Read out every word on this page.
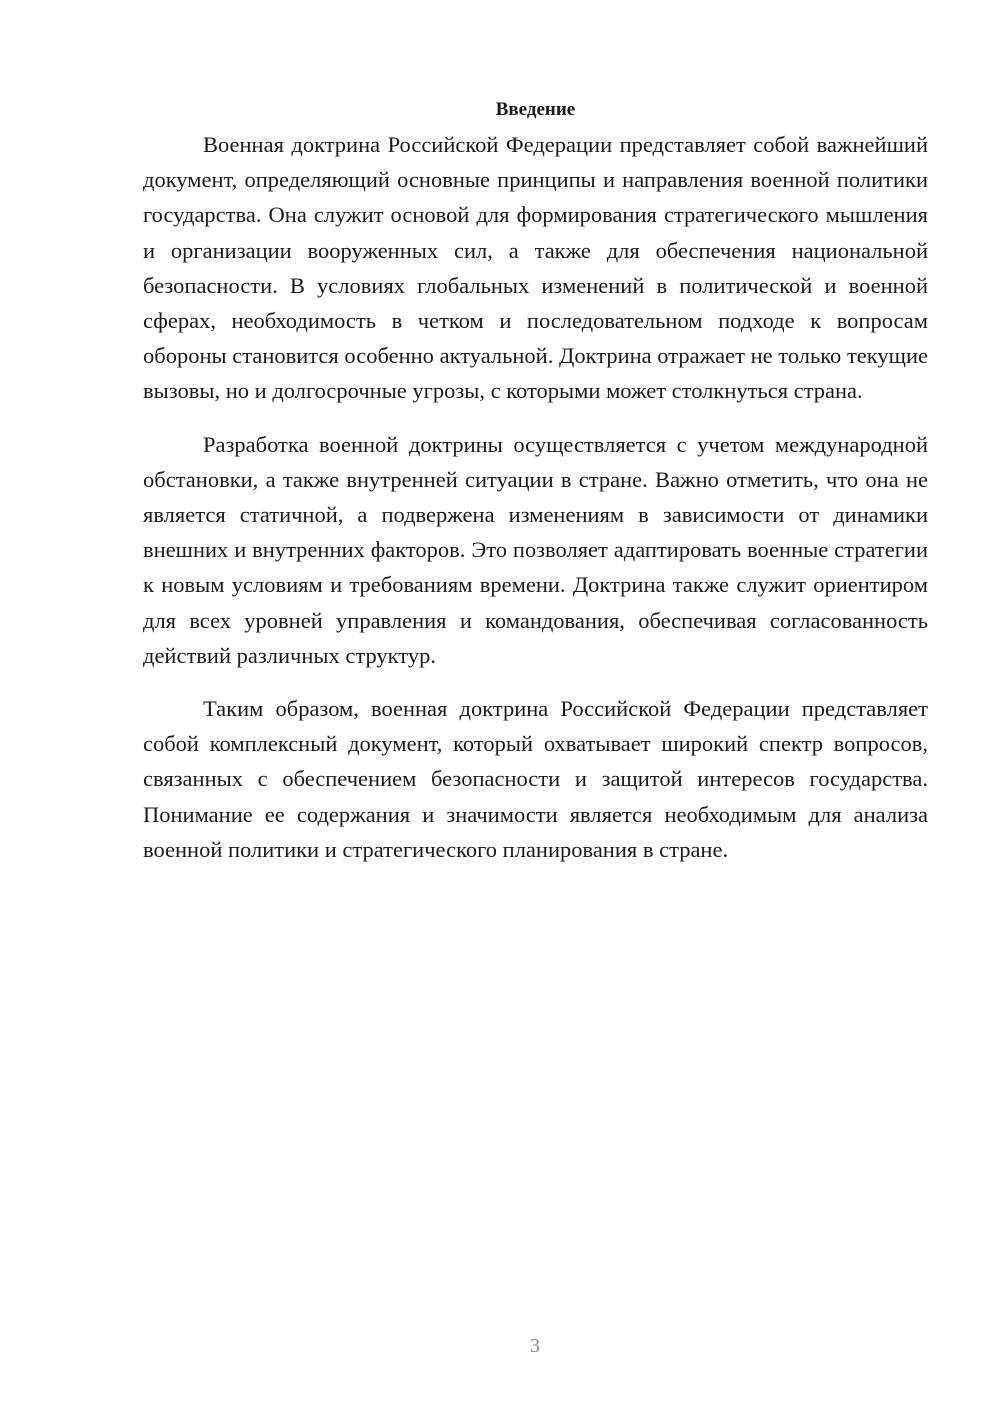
Введение

Военная доктрина Российской Федерации представляет собой важнейший документ, определяющий основные принципы и направления военной политики государства. Она служит основой для формирования стратегического мышления и организации вооруженных сил, а также для обеспечения национальной безопасности. В условиях глобальных изменений в политической и военной сферах, необходимость в четком и последовательном подходе к вопросам обороны становится особенно актуальной. Доктрина отражает не только текущие вызовы, но и долгосрочные угрозы, с которыми может столкнуться страна.

Разработка военной доктрины осуществляется с учетом международной обстановки, а также внутренней ситуации в стране. Важно отметить, что она не является статичной, а подвержена изменениям в зависимости от динамики внешних и внутренних факторов. Это позволяет адаптировать военные стратегии к новым условиям и требованиям времени. Доктрина также служит ориентиром для всех уровней управления и командования, обеспечивая согласованность действий различных структур.

Таким образом, военная доктрина Российской Федерации представляет собой комплексный документ, который охватывает широкий спектр вопросов, связанных с обеспечением безопасности и защитой интересов государства. Понимание ее содержания и значимости является необходимым для анализа военной политики и стратегического планирования в стране.

3
